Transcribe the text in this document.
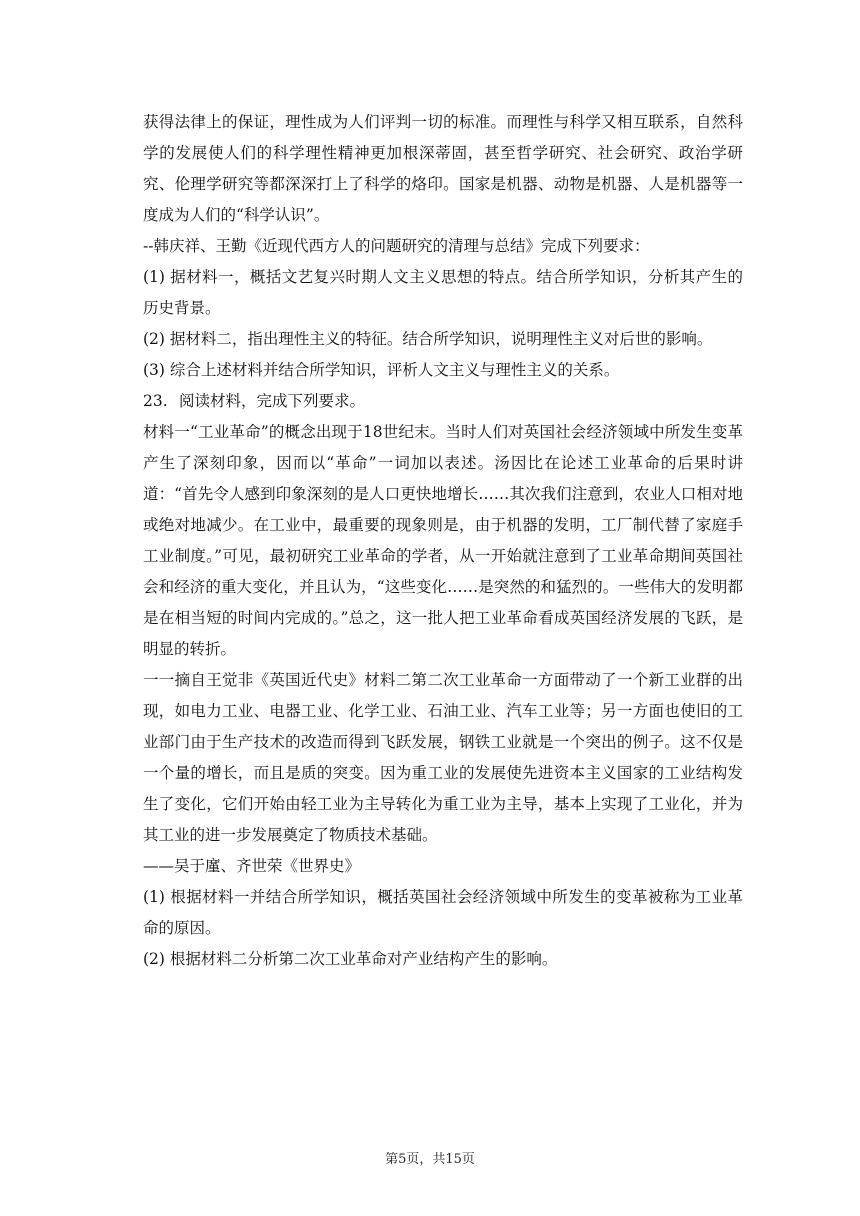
获得法律上的保证，理性成为人们评判一切的标准。而理性与科学又相互联系，自然科学的发展使人们的科学理性精神更加根深蒂固，甚至哲学研究、社会研究、政治学研究、伦理学研究等都深深打上了科学的烙印。国家是机器、动物是机器、人是机器等一度成为人们的“科学认识”。

--韩庆祥、王勤《近现代西方人的问题研究的清理与总结》完成下列要求：

(1) 据材料一，概括文艺复兴时期人文主义思想的特点。结合所学知识，分析其产生的历史背景。

(2) 据材料二，指出理性主义的特征。结合所学知识，说明理性主义对后世的影响。

(3) 综合上述材料并结合所学知识，评析人文主义与理性主义的关系。

23. 阅读材料，完成下列要求。

材料一“工业革命”的概念出现于18世纪末。当时人们对英国社会经济领域中所发生变革产生了深刻印象，因而以“革命”一词加以表述。汤因比在论述工业革命的后果时讲道：“首先令人感到印象深刻的是人口更快地增长……其次我们注意到，农业人口相对地或绝对地减少。在工业中，最重要的现象则是，由于机器的发明，工厂制代替了家庭手工业制度。”可见，最初研究工业革命的学者，从一开始就注意到了工业革命期间英国社会和经济的重大变化，并且认为，“这些变化……是突然的和猛烈的。一些伟大的发明都是在相当短的时间内完成的。”总之，这一批人把工业革命看成英国经济发展的飞跃，是明显的转折。

一一摘自王觉非《英国近代史》材料二第二次工业革命一方面带动了一个新工业群的出现，如电力工业、电器工业、化学工业、石油工业、汽车工业等；另一方面也使旧的工业部门由于生产技术的改造而得到飞跃发展，钢铁工业就是一个突出的例子。这不仅是一个量的增长，而且是质的突变。因为重工业的发展使先进资本主义国家的工业结构发生了变化，它们开始由轻工业为主导转化为重工业为主导，基本上实现了工业化，并为其工业的进一步发展奠定了物质技术基础。

——吴于廑、齐世荣《世界史》

(1) 根据材料一并结合所学知识，概括英国社会经济领域中所发生的变革被称为工业革命的原因。

(2) 根据材料二分析第二次工业革命对产业结构产生的影响。

第5页，共15页
